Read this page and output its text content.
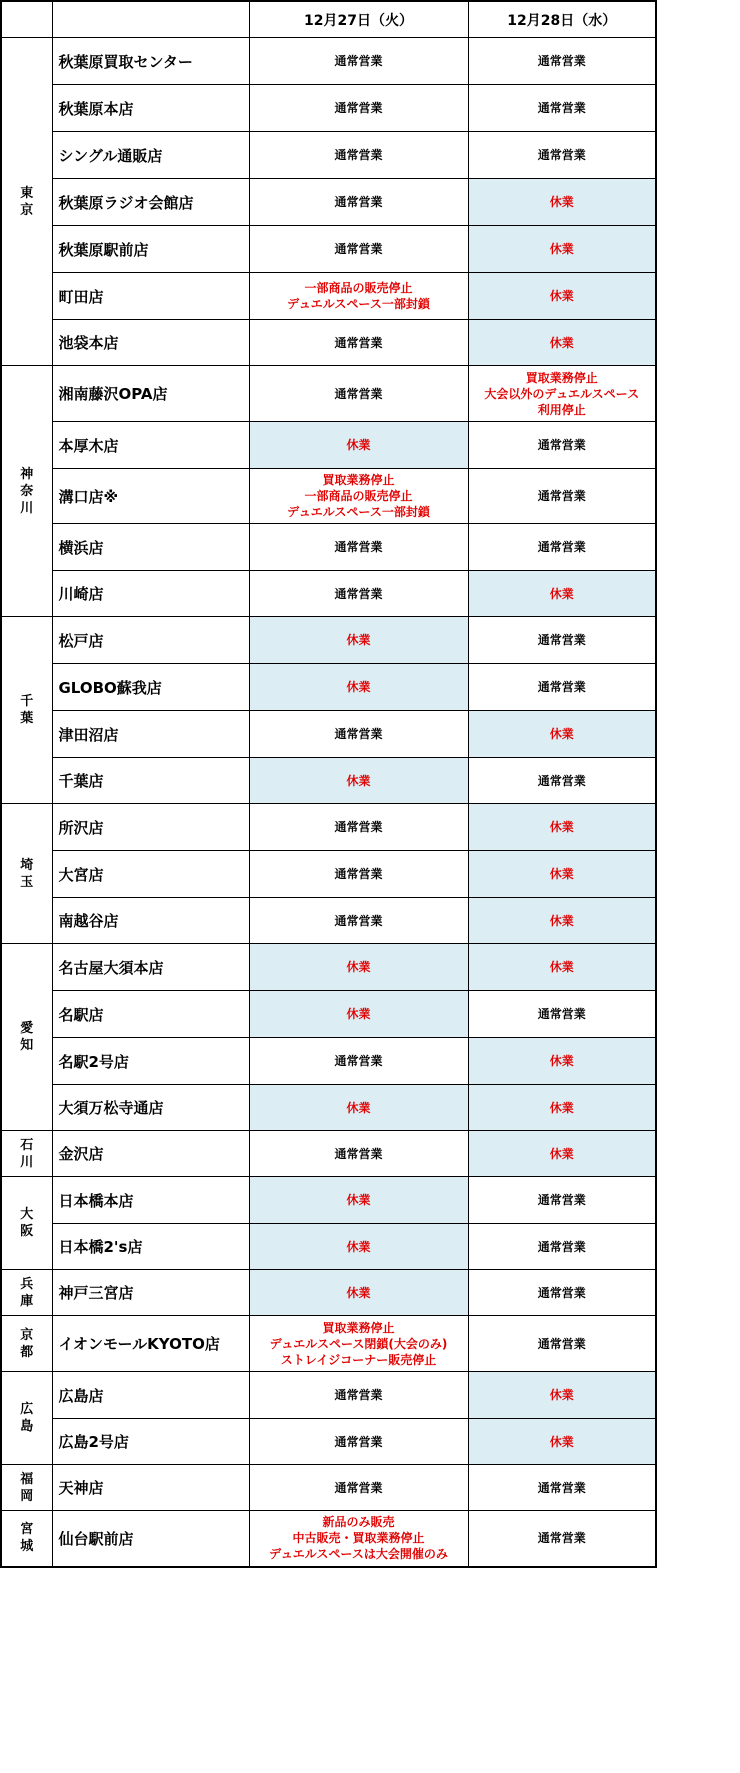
		12月27日（火）	12月28日（水）

東
京	秋葉原買取センター	通常営業	通常営業

	秋葉原本店	通常営業	通常営業

	シングル通販店	通常営業	通常営業

	秋葉原ラジオ会館店	通常営業	休業

	秋葉原駅前店	通常営業	休業

	町田店	一部商品の販売停止
デュエルスペース一部封鎖	休業

	池袋本店	通常営業	休業

神
奈
川	湘南藤沢OPA店	通常営業	買取業務停止
大会以外のデュエルスペース
利用停止

	本厚木店	休業	通常営業

	溝口店※	買取業務停止
一部商品の販売停止
デュエルスペース一部封鎖	通常営業

	横浜店	通常営業	通常営業

	川崎店	通常営業	休業

千
葉	松戸店	休業	通常営業

	GLOBO蘇我店	休業	通常営業

	津田沼店	通常営業	休業

	千葉店	休業	通常営業

埼
玉	所沢店	通常営業	休業

	大宮店	通常営業	休業

	南越谷店	通常営業	休業

愛
知	名古屋大須本店	休業	休業

	名駅店	休業	通常営業

	名駅2号店	通常営業	休業

	大須万松寺通店	休業	休業

石
川	金沢店	通常営業	休業

大
阪	日本橋本店	休業	通常営業

	日本橋2's店	休業	通常営業

兵
庫	神戸三宮店	休業	通常営業

京
都	イオンモールKYOTO店	買取業務停止
デュエルスペース閉鎖(大会のみ)
ストレイジコーナー販売停止	通常営業

広
島	広島店	通常営業	休業

	広島2号店	通常営業	休業

福
岡	天神店	通常営業	通常営業

宮
城	仙台駅前店	新品のみ販売
中古販売・買取業務停止
デュエルスペースは大会開催のみ	通常営業
